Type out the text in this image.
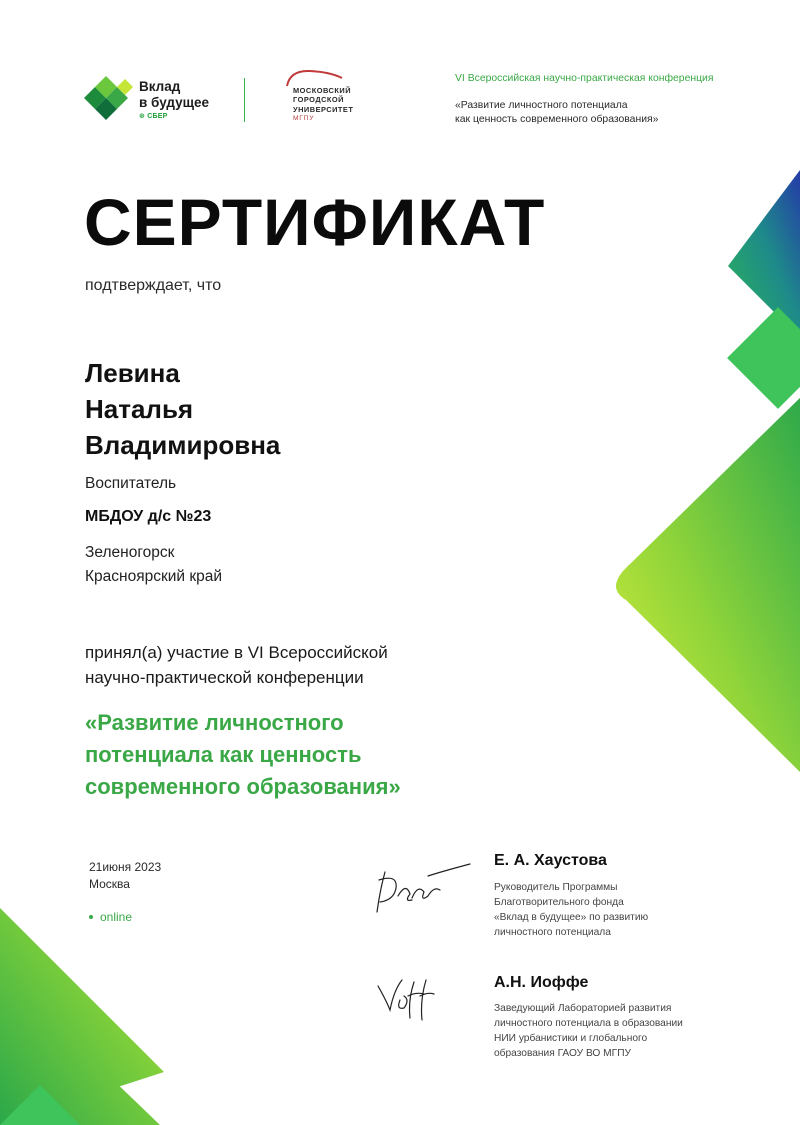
Вклад
в будущее
⊛ СБЕР
МОСКОВСКИЙ
ГОРОДСКОЙ
УНИВЕРСИТЕТ
МГПУ
VI Всероссийская научно-практическая конференция
«Развитие личностного потенциала
как ценность современного образования»
СЕРТИФИКАТ
подтверждает, что
Левина
Наталья
Владимировна
Воспитатель
МБДОУ д/с №23
Зеленогорск
Красноярский край
принял(а) участие в VI Всероссийской
научно-практической конференции
«Развитие личностного
потенциала как ценность
современного образования»
21июня 2023
Москва
online
Е. А. Хаустова
Руководитель Программы
Благотворительного фонда
«Вклад в будущее» по развитию
личностного потенциала
А.Н. Иоффе
Заведующий Лабораторией развития
личностного потенциала в образовании
НИИ урбанистики и глобального
образования ГАОУ ВО МГПУ
